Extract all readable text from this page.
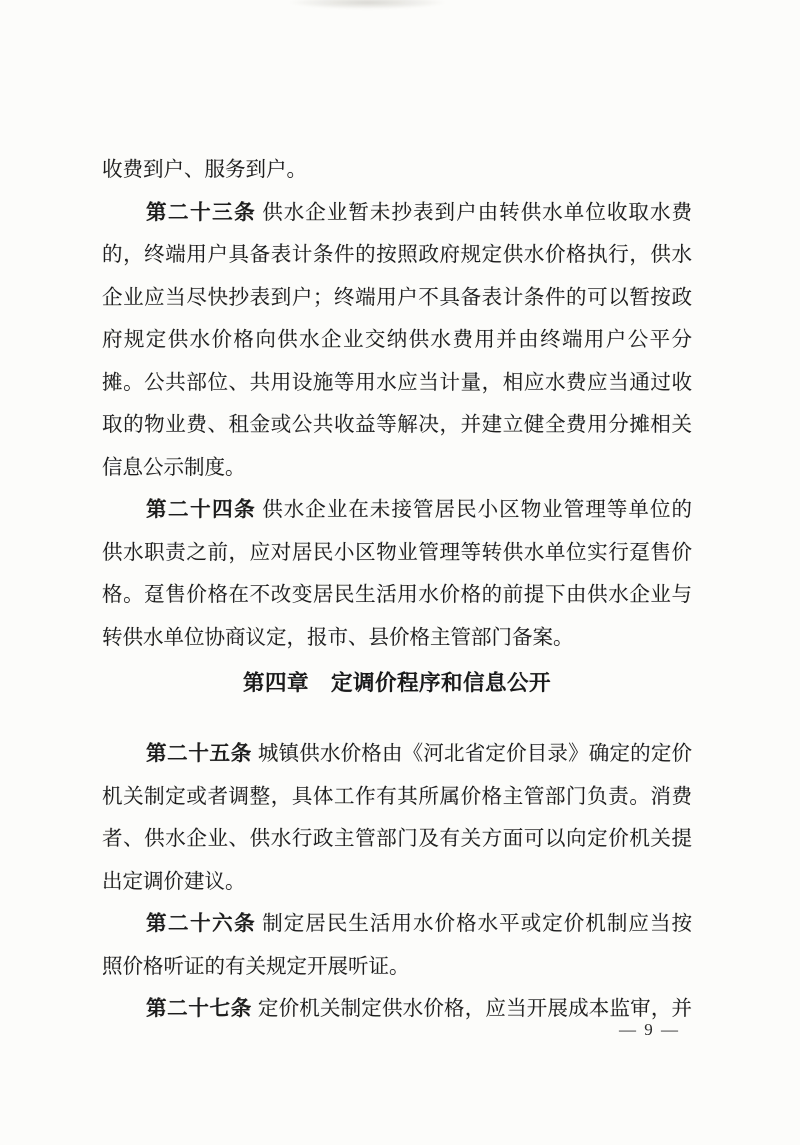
收费到户、服务到户。
第二十三条 供水企业暂未抄表到户由转供水单位收取水费
的，终端用户具备表计条件的按照政府规定供水价格执行，供水
企业应当尽快抄表到户；终端用户不具备表计条件的可以暂按政
府规定供水价格向供水企业交纳供水费用并由终端用户公平分
摊。公共部位、共用设施等用水应当计量，相应水费应当通过收
取的物业费、租金或公共收益等解决，并建立健全费用分摊相关
信息公示制度。
第二十四条 供水企业在未接管居民小区物业管理等单位的
供水职责之前，应对居民小区物业管理等转供水单位实行趸售价
格。趸售价格在不改变居民生活用水价格的前提下由供水企业与
转供水单位协商议定，报市、县价格主管部门备案。
第四章　定调价程序和信息公开
第二十五条 城镇供水价格由《河北省定价目录》确定的定价
机关制定或者调整，具体工作有其所属价格主管部门负责。消费
者、供水企业、供水行政主管部门及有关方面可以向定价机关提
出定调价建议。
第二十六条 制定居民生活用水价格水平或定价机制应当按
照价格听证的有关规定开展听证。
第二十七条 定价机关制定供水价格，应当开展成本监审，并
— 9 —
